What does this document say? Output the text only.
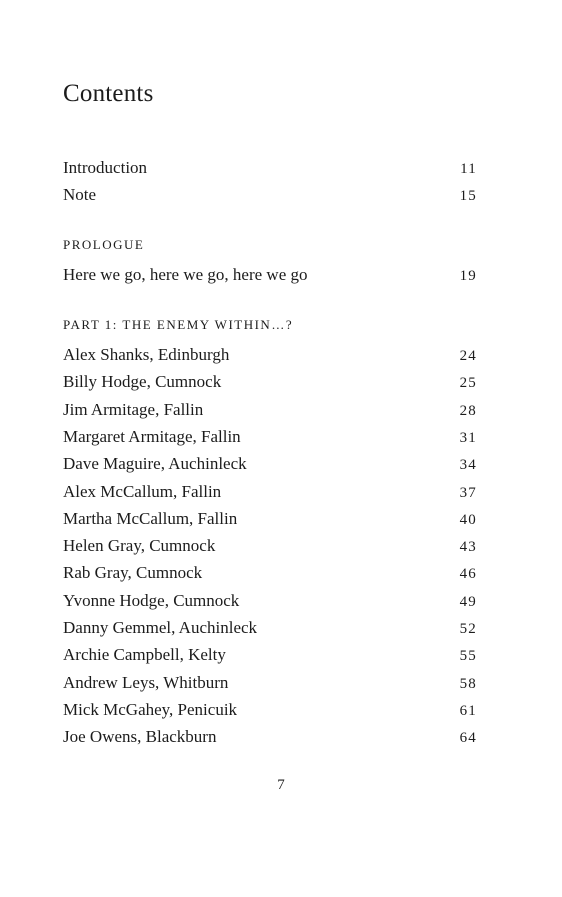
Contents
Introduction	11
Note	15
PROLOGUE
Here we go, here we go, here we go	19
PART 1: THE ENEMY WITHIN…?
Alex Shanks, Edinburgh	24
Billy Hodge, Cumnock	25
Jim Armitage, Fallin	28
Margaret Armitage, Fallin	31
Dave Maguire, Auchinleck	34
Alex McCallum, Fallin	37
Martha McCallum, Fallin	40
Helen Gray, Cumnock	43
Rab Gray, Cumnock	46
Yvonne Hodge, Cumnock	49
Danny Gemmel, Auchinleck	52
Archie Campbell, Kelty	55
Andrew Leys, Whitburn	58
Mick McGahey, Penicuik	61
Joe Owens, Blackburn	64
7
